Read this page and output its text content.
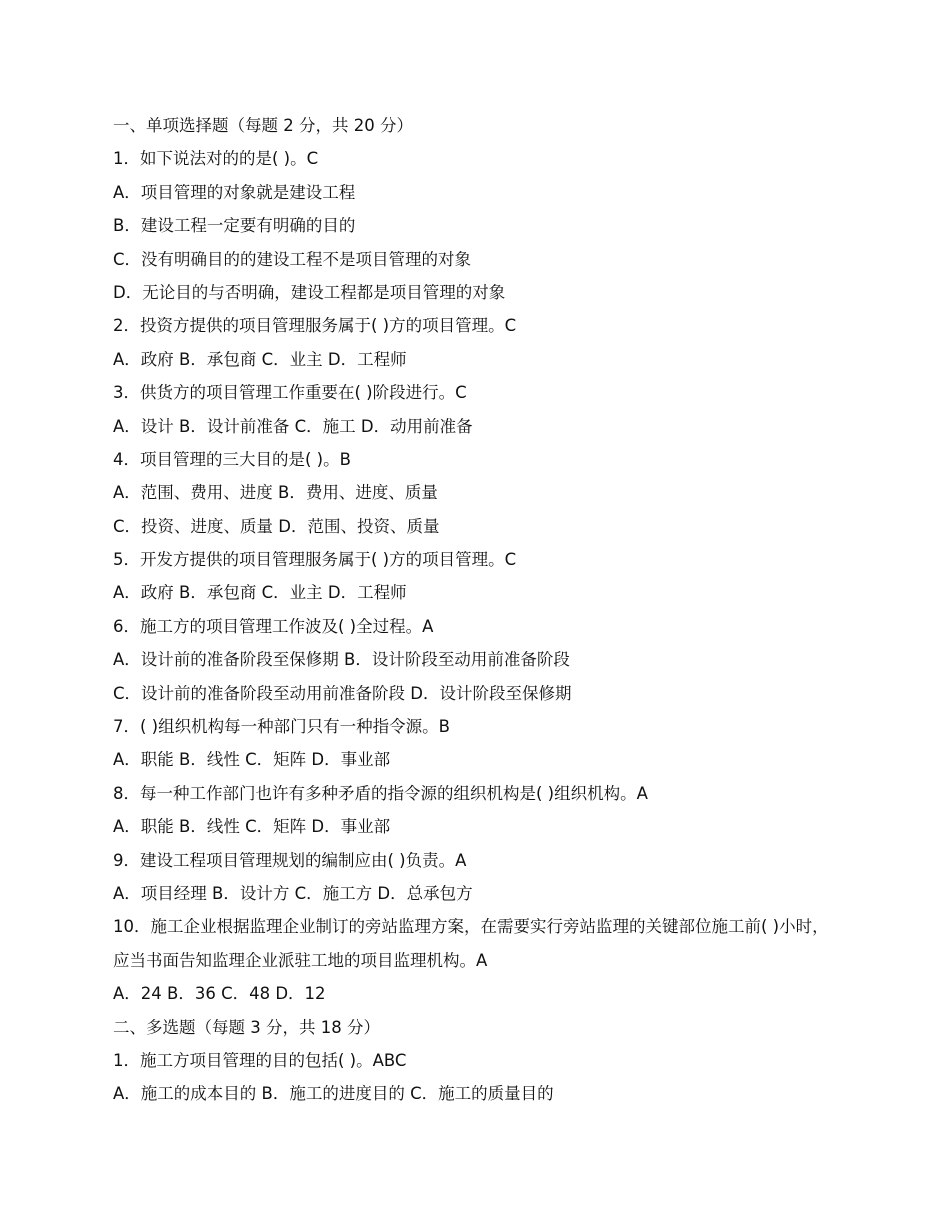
一、单项选择题（每题 2 分，共 20 分）
1．如下说法对的的是( )。C
A．项目管理的对象就是建设工程
B．建设工程一定要有明确的目的
C．没有明确目的的建设工程不是项目管理的对象
D．无论目的与否明确，建设工程都是项目管理的对象
2．投资方提供的项目管理服务属于( )方的项目管理。C
A．政府 B．承包商 C．业主 D．工程师
3．供货方的项目管理工作重要在( )阶段进行。C
A．设计 B．设计前准备 C．施工 D．动用前准备
4．项目管理的三大目的是( )。B
A．范围、费用、进度 B．费用、进度、质量
C．投资、进度、质量 D．范围、投资、质量
5．开发方提供的项目管理服务属于( )方的项目管理。C
A．政府 B．承包商 C．业主 D．工程师
6．施工方的项目管理工作波及( )全过程。A
A．设计前的准备阶段至保修期 B．设计阶段至动用前准备阶段
C．设计前的准备阶段至动用前准备阶段 D．设计阶段至保修期
7．( )组织机构每一种部门只有一种指令源。B
A．职能 B．线性 C．矩阵 D．事业部
8．每一种工作部门也许有多种矛盾的指令源的组织机构是( )组织机构。A
A．职能 B．线性 C．矩阵 D．事业部
9．建设工程项目管理规划的编制应由( )负责。A
A．项目经理 B．设计方 C．施工方 D．总承包方
10．施工企业根据监理企业制订的旁站监理方案，在需要实行旁站监理的关键部位施工前( )小时，
应当书面告知监理企业派驻工地的项目监理机构。A
A．24 B．36 C．48 D．12
二、多选题（每题 3 分，共 18 分）
1．施工方项目管理的目的包括( )。ABC
A．施工的成本目的 B．施工的进度目的 C．施工的质量目的
